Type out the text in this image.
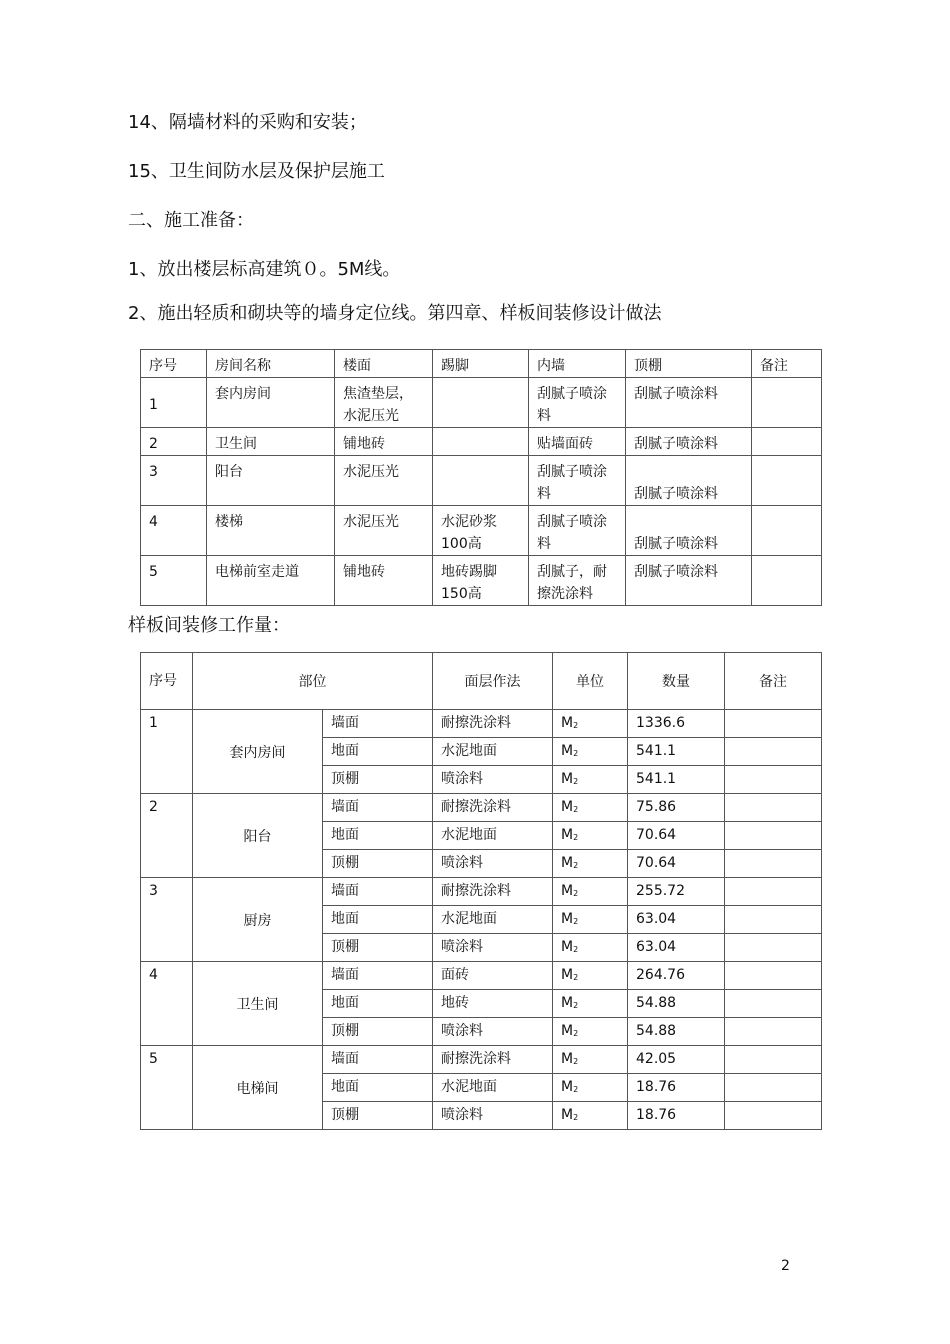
14、隔墙材料的采购和安装；

15、卫生间防水层及保护层施工

二、施工准备：

1、放出楼层标高建筑０。5M线。

2、施出轻质和砌块等的墙身定位线。第四章、样板间装修设计做法

序号	房间名称	楼面	踢脚	内墙	顶棚	备注
1	套内房间	焦渣垫层，水泥压光		刮腻子喷涂料	刮腻子喷涂料	
2	卫生间	铺地砖		贴墙面砖	刮腻子喷涂料	
3	阳台	水泥压光		刮腻子喷涂料	刮腻子喷涂料	
4	楼梯	水泥压光	水泥砂浆100高	刮腻子喷涂料	刮腻子喷涂料	
5	电梯前室走道	铺地砖	地砖踢脚150高	刮腻子，耐擦洗涂料	刮腻子喷涂料	

样板间装修工作量：

序号	部位		面层作法	单位	数量	备注
1	套内房间	墙面	耐擦洗涂料	$M_2$	1336.6	
		地面	水泥地面	$M_2$	541.1	
		顶棚	喷涂料	$M_2$	541.1	
2	阳台	墙面	耐擦洗涂料	$M_2$	75.86	
		地面	水泥地面	$M_2$	70.64	
		顶棚	喷涂料	$M_2$	70.64	
3	厨房	墙面	耐擦洗涂料	$M_2$	255.72	
		地面	水泥地面	$M_2$	63.04	
		顶棚	喷涂料	$M_2$	63.04	
4	卫生间	墙面	面砖	$M_2$	264.76	
		地面	地砖	$M_2$	54.88	
		顶棚	喷涂料	$M_2$	54.88	
5	电梯间	墙面	耐擦洗涂料	$M_2$	42.05	
		地面	水泥地面	$M_2$	18.76	
		顶棚	喷涂料	$M_2$	18.76	
2
